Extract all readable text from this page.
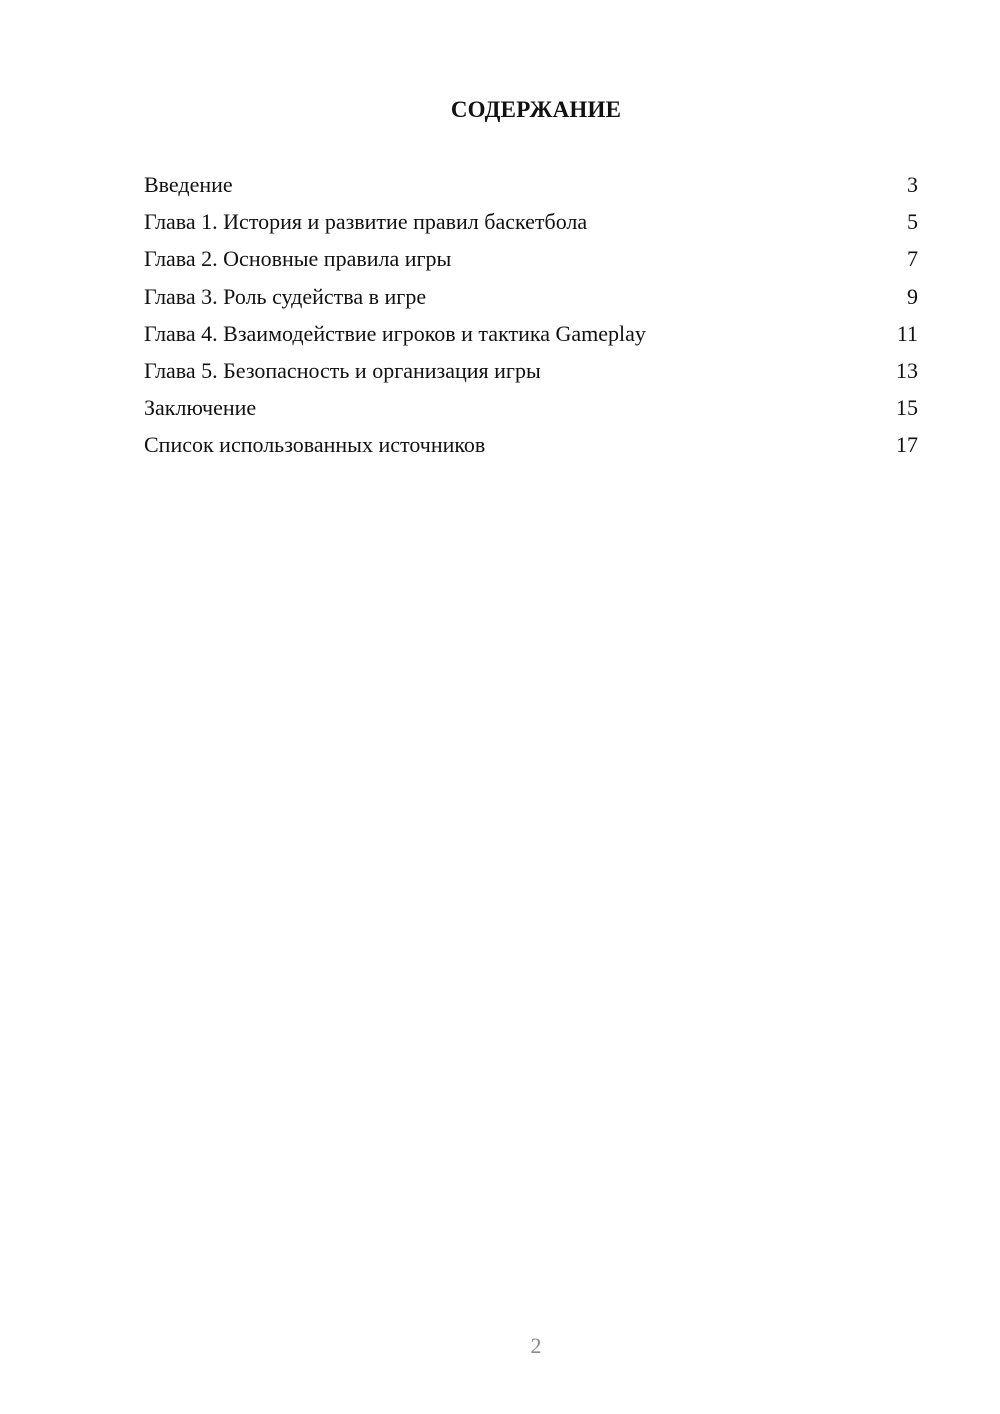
СОДЕРЖАНИЕ
Введение	3
Глава 1. История и развитие правил баскетбола	5
Глава 2. Основные правила игры	7
Глава 3. Роль судейства в игре	9
Глава 4. Взаимодействие игроков и тактика Gameplay	11
Глава 5. Безопасность и организация игры	13
Заключение	15
Список использованных источников	17
2
